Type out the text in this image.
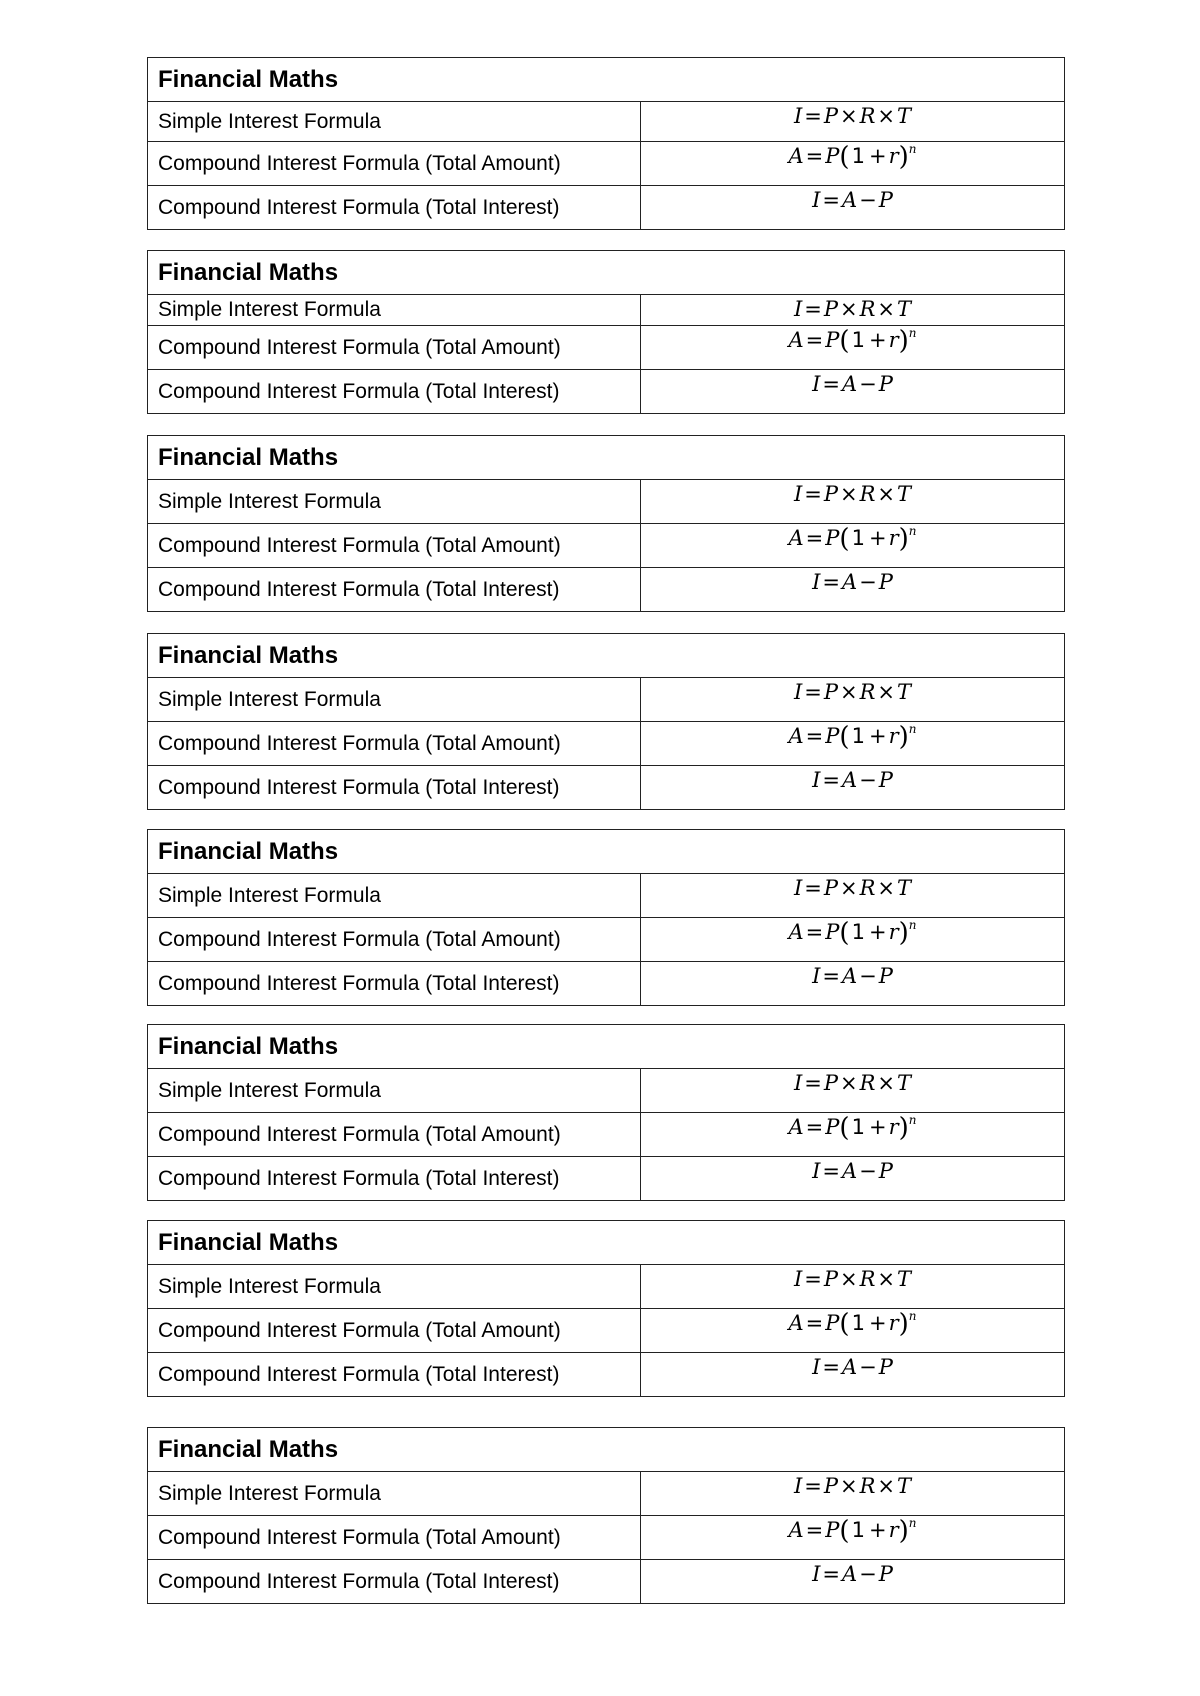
Financial Maths
Simple Interest Formula	I = P × R × T
Compound Interest Formula (Total Amount)	A = P ( 1 + r )$^n$
Compound Interest Formula (Total Interest)	I = A − P
Financial Maths
Simple Interest Formula	I = P × R × T
Compound Interest Formula (Total Amount)	A = P ( 1 + r )$^n$
Compound Interest Formula (Total Interest)	I = A − P
Financial Maths
Simple Interest Formula	I = P × R × T
Compound Interest Formula (Total Amount)	A = P ( 1 + r )$^n$
Compound Interest Formula (Total Interest)	I = A − P
Financial Maths
Simple Interest Formula	I = P × R × T
Compound Interest Formula (Total Amount)	A = P ( 1 + r )$^n$
Compound Interest Formula (Total Interest)	I = A − P
Financial Maths
Simple Interest Formula	I = P × R × T
Compound Interest Formula (Total Amount)	A = P ( 1 + r )$^n$
Compound Interest Formula (Total Interest)	I = A − P
Financial Maths
Simple Interest Formula	I = P × R × T
Compound Interest Formula (Total Amount)	A = P ( 1 + r )$^n$
Compound Interest Formula (Total Interest)	I = A − P
Financial Maths
Simple Interest Formula	I = P × R × T
Compound Interest Formula (Total Amount)	A = P ( 1 + r )$^n$
Compound Interest Formula (Total Interest)	I = A − P
Financial Maths
Simple Interest Formula	I = P × R × T
Compound Interest Formula (Total Amount)	A = P ( 1 + r )$^n$
Compound Interest Formula (Total Interest)	I = A − P
